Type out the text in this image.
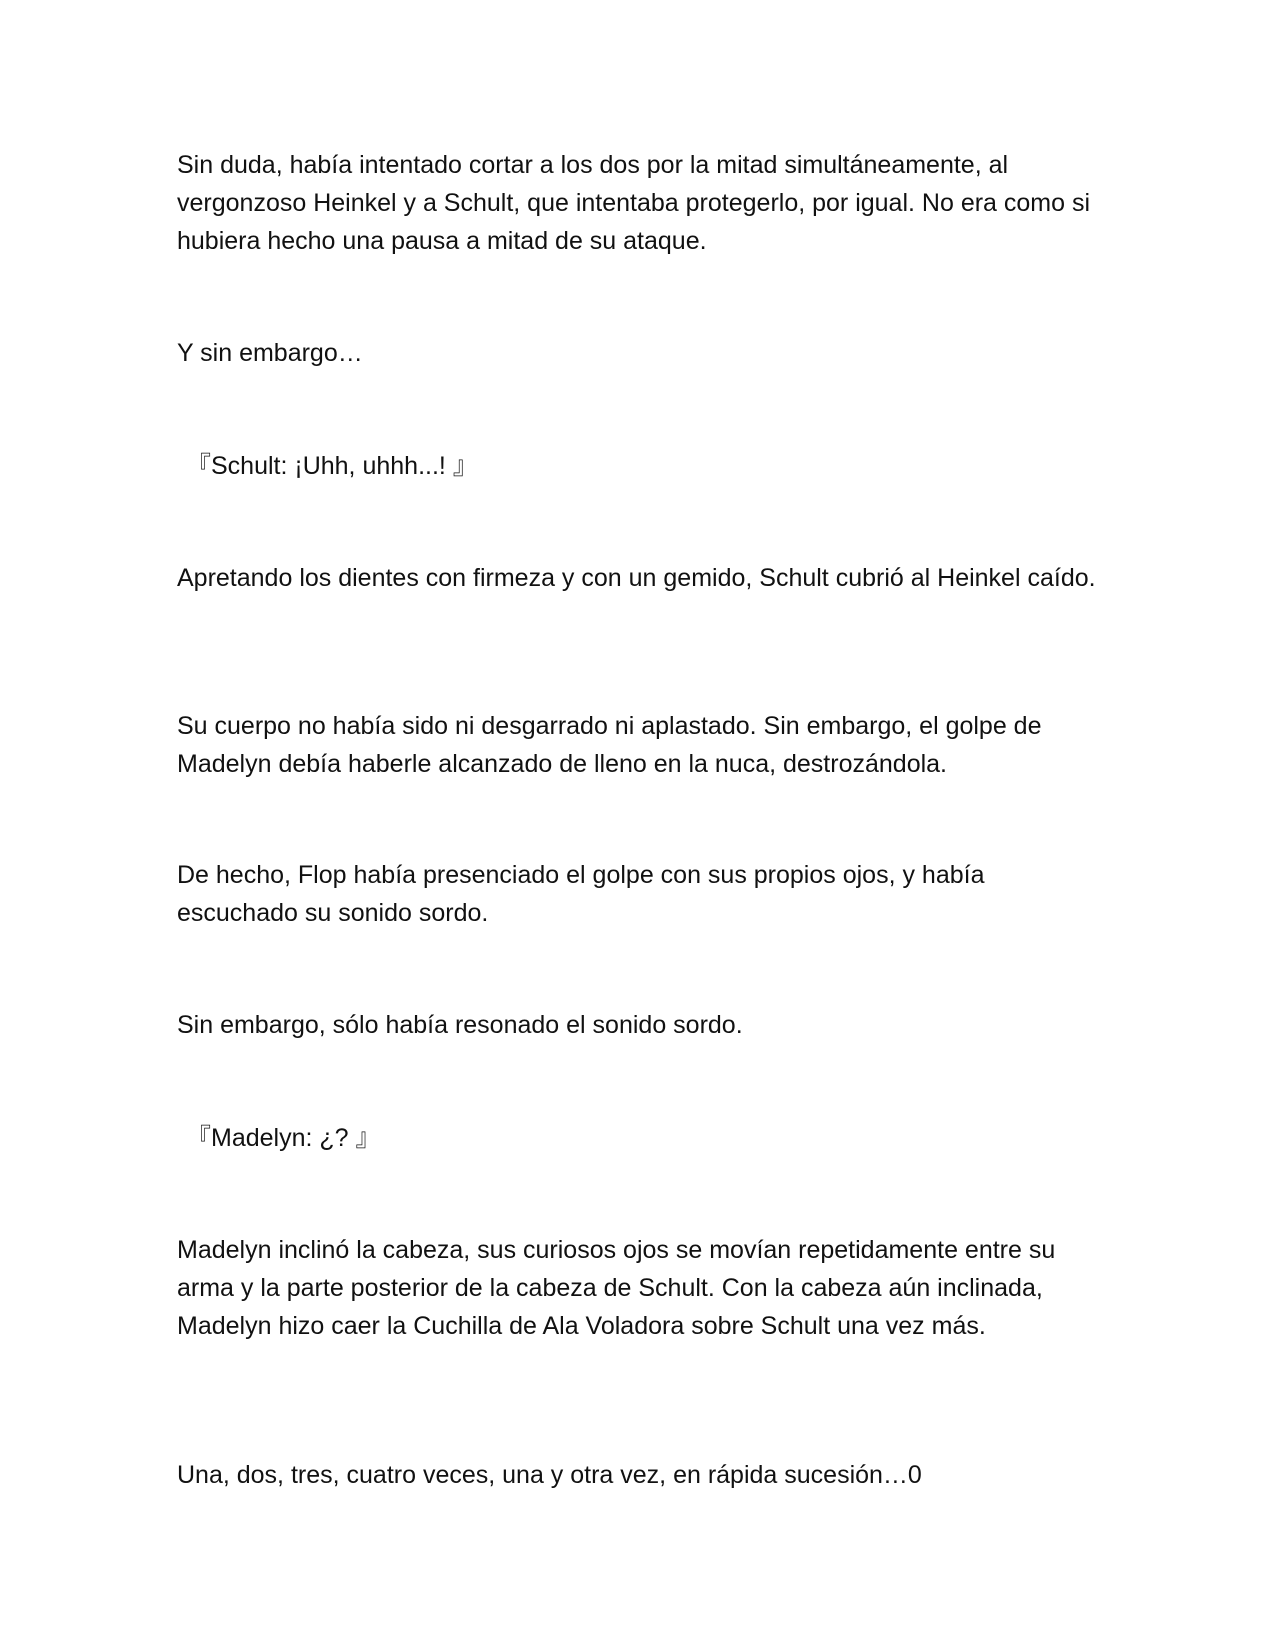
Sin duda, había intentado cortar a los dos por la mitad simultáneamente, al vergonzoso Heinkel y a Schult, que intentaba protegerlo, por igual. No era como si hubiera hecho una pausa a mitad de su ataque.

Y sin embargo…

『Schult: ¡Uhh, uhhh...! 』

Apretando los dientes con firmeza y con un gemido, Schult cubrió al Heinkel caído.

Su cuerpo no había sido ni desgarrado ni aplastado. Sin embargo, el golpe de Madelyn debía haberle alcanzado de lleno en la nuca, destrozándola.

De hecho, Flop había presenciado el golpe con sus propios ojos, y había escuchado su sonido sordo.

Sin embargo, sólo había resonado el sonido sordo.

『Madelyn: ¿? 』

Madelyn inclinó la cabeza, sus curiosos ojos se movían repetidamente entre su arma y la parte posterior de la cabeza de Schult. Con la cabeza aún inclinada, Madelyn hizo caer la Cuchilla de Ala Voladora sobre Schult una vez más.

Una, dos, tres, cuatro veces, una y otra vez, en rápida sucesión…0
